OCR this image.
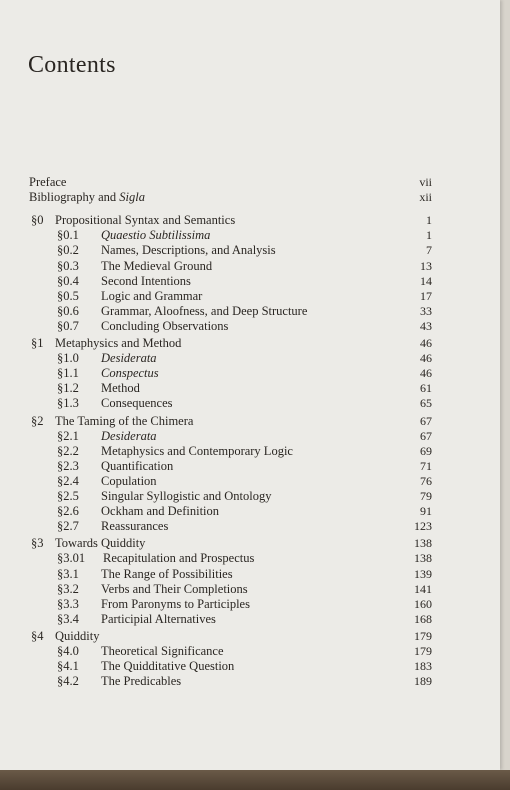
Contents
Preface	vii
Bibliography and Sigla	xii
§0 Propositional Syntax and Semantics	1
§0.1 Quaestio Subtilissima	1
§0.2 Names, Descriptions, and Analysis	7
§0.3 The Medieval Ground	13
§0.4 Second Intentions	14
§0.5 Logic and Grammar	17
§0.6 Grammar, Aloofness, and Deep Structure	33
§0.7 Concluding Observations	43
§1 Metaphysics and Method	46
§1.0 Desiderata	46
§1.1 Conspectus	46
§1.2 Method	61
§1.3 Consequences	65
§2 The Taming of the Chimera	67
§2.1 Desiderata	67
§2.2 Metaphysics and Contemporary Logic	69
§2.3 Quantification	71
§2.4 Copulation	76
§2.5 Singular Syllogistic and Ontology	79
§2.6 Ockham and Definition	91
§2.7 Reassurances	123
§3 Towards Quiddity	138
§3.01 Recapitulation and Prospectus	138
§3.1 The Range of Possibilities	139
§3.2 Verbs and Their Completions	141
§3.3 From Paronyms to Participles	160
§3.4 Participial Alternatives	168
§4 Quiddity	179
§4.0 Theoretical Significance	179
§4.1 The Quidditative Question	183
§4.2 The Predicables	189
